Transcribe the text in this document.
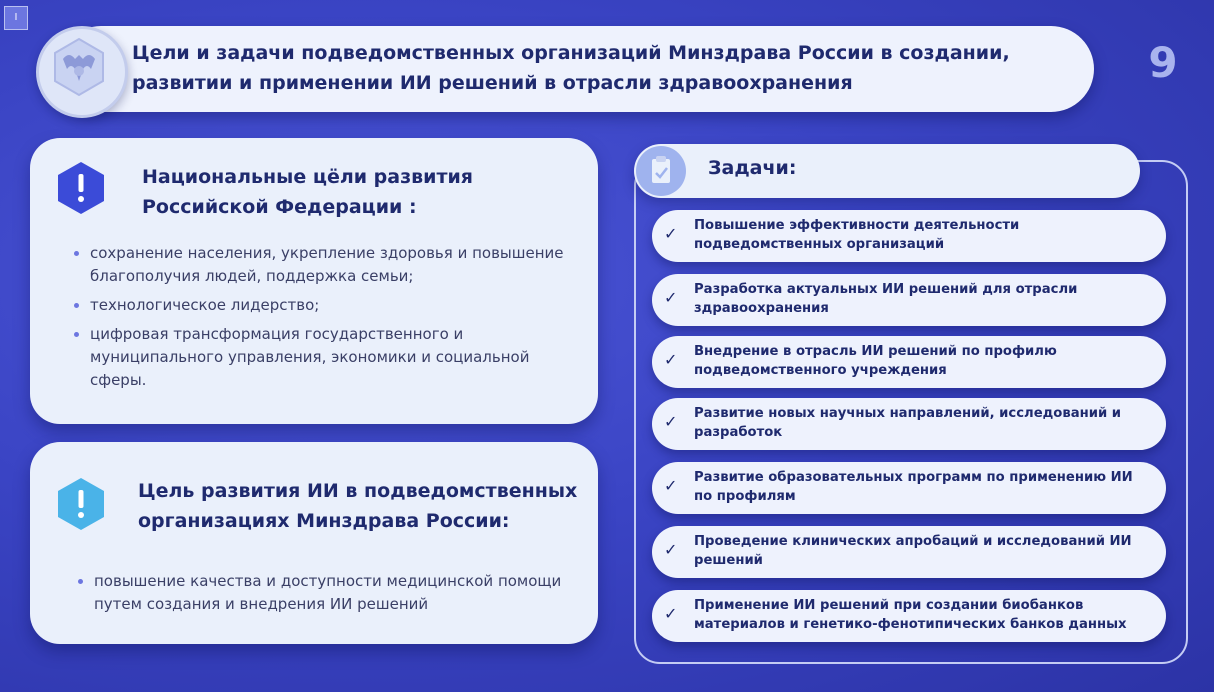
I
Цели и задачи подведомственных организаций Минздрава России в создании, развитии и применении ИИ решений в отрасли здравоохранения	9
Национальные цёли развития
Российской Федерации :
сохранение населения, укрепление здоровья и повышение благополучия людей, поддержка семьи;
технологическое лидерство;
цифровая трансформация государственного и муниципального управления, экономики и социальной сферы.
Цель развития ИИ в подведомственных
организациях Минздрава России:
повышение качества и доступности медицинской помощи путем создания и внедрения ИИ решений
Задачи:
✓	Повышение эффективности деятельности подведомственных организаций
✓	Разработка актуальных ИИ решений для отрасли здравоохранения
✓	Внедрение в отрасль ИИ решений по профилю подведомственного учреждения
✓	Развитие новых научных направлений, исследований и разработок
✓	Развитие образовательных программ по применению ИИ по профилям
✓	Проведение клинических апробаций и исследований ИИ решений
✓	Применение ИИ решений при создании биобанков материалов и генетико-фенотипических банков данных
